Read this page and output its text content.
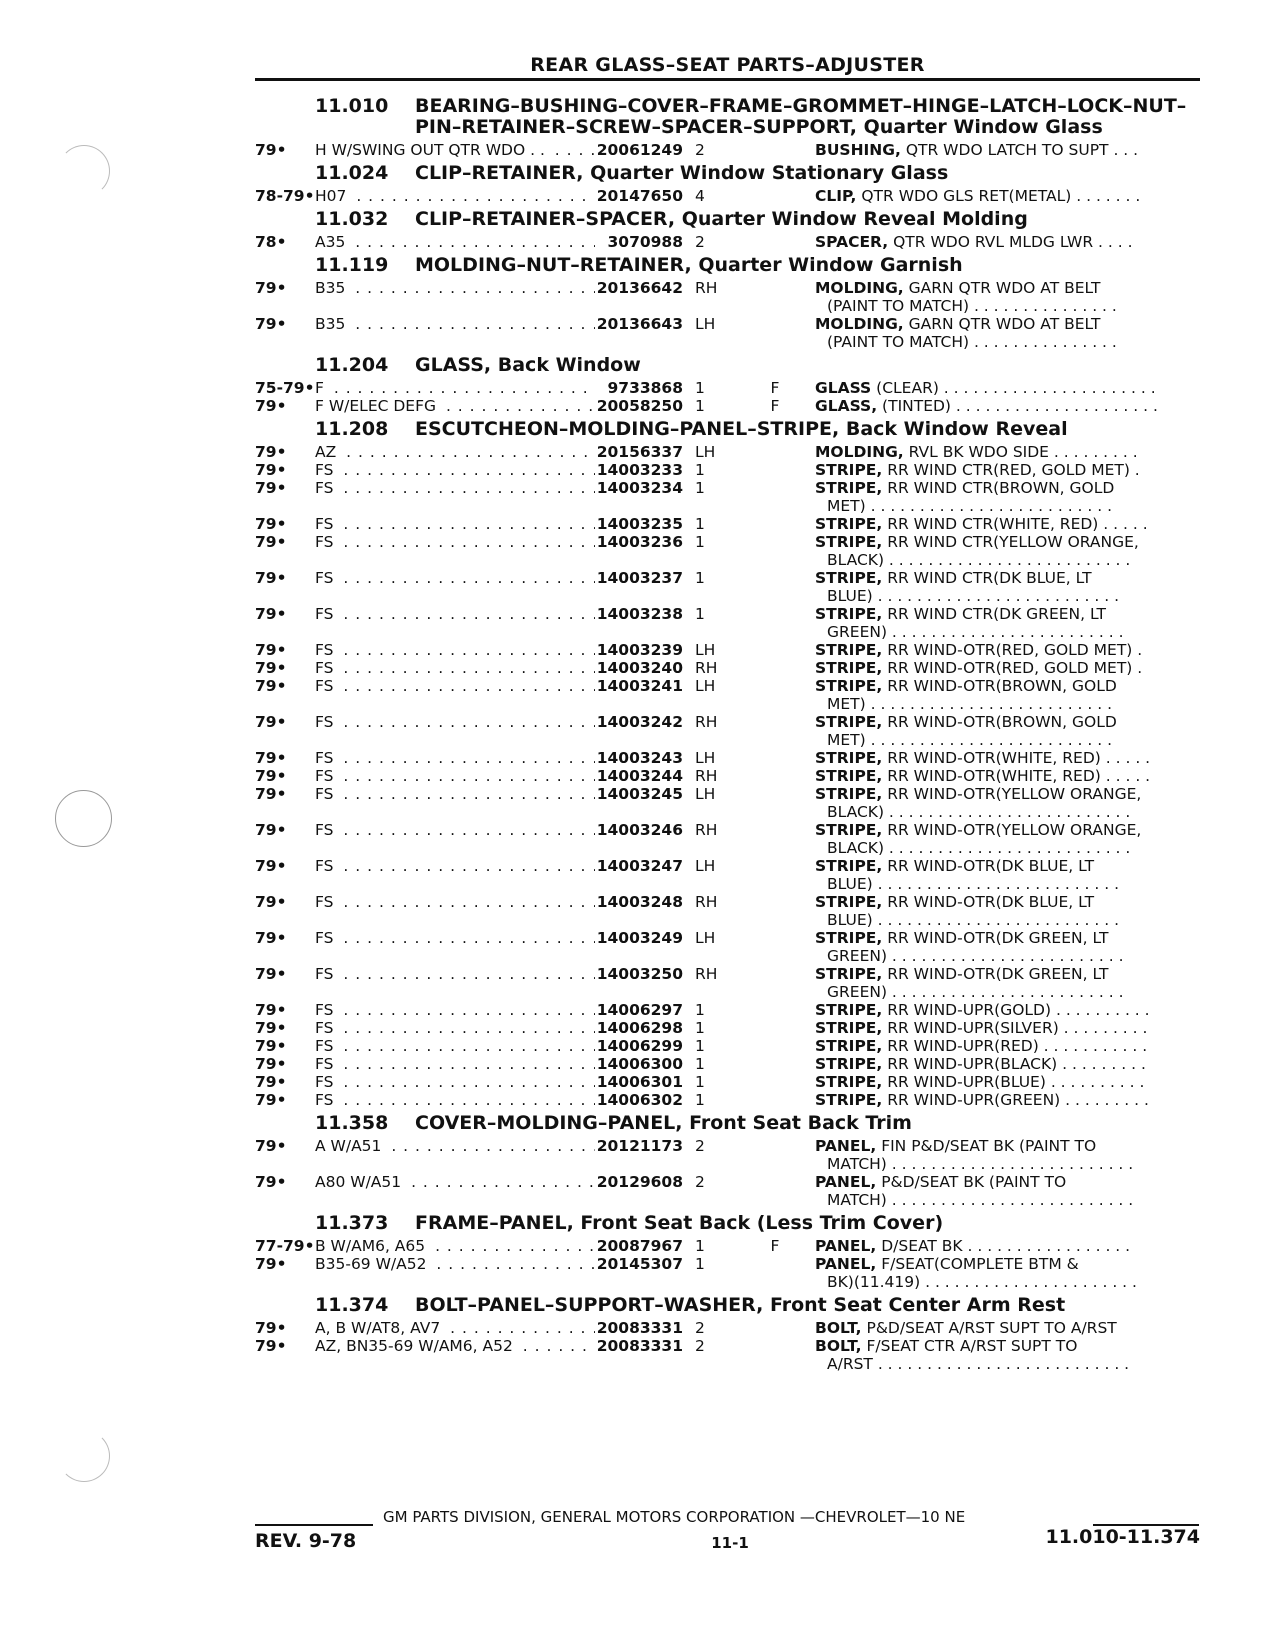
REAR GLASS–SEAT PARTS–ADJUSTER
11.010	BEARING–BUSHING–COVER–FRAME–GROMMET–HINGE–LATCH–LOCK–NUT–PIN–RETAINER–SCREW–SPACER–SUPPORT, Quarter Window Glass
79•	H W/SWING OUT QTR WDO . . . . .	20061249 2	BUSHING, QTR WDO LATCH TO SUPT . . .
11.024	CLIP–RETAINER, Quarter Window Stationary Glass
78-79• H07 . . .	20147650 4	CLIP, QTR WDO GLS RET(METAL) . . . . . . .
11.032	CLIP–RETAINER–SPACER, Quarter Window Reveal Molding
78•	A35 . . .	3070988 2	SPACER, QTR WDO RVL MLDG LWR . . . .
11.119	MOLDING–NUT–RETAINER, Quarter Window Garnish
79•	B35 . . .	20136642 RH	MOLDING, GARN QTR WDO AT BELT
(PAINT TO MATCH) . . . . . . . . . . . . . . .
79•	B35 . . .	20136643 LH	MOLDING, GARN QTR WDO AT BELT
(PAINT TO MATCH) . . . . . . . . . . . . . . .
11.204	GLASS, Back Window
75-79• F . . .	9733868 1	F	GLASS (CLEAR) . . . . . . . . . . . . . . . . . . . . . .
79•	F W/ELEC DEFG . . .	20058250 1	F	GLASS, (TINTED) . . . . . . . . . . . . . . . . . . . . .
11.208	ESCUTCHEON–MOLDING–PANEL–STRIPE, Back Window Reveal
79•	AZ . . .	20156337 LH	MOLDING, RVL BK WDO SIDE . . . . . . . . .
79•	FS . . .	14003233 1	STRIPE, RR WIND CTR(RED, GOLD MET) .
79•	FS . . .	14003234 1	STRIPE, RR WIND CTR(BROWN, GOLD
MET) . . . . . . . . . . . . . . . . . . . . . . . . .
79•	FS . . .	14003235 1	STRIPE, RR WIND CTR(WHITE, RED) . . . . .
79•	FS . . .	14003236 1	STRIPE, RR WIND CTR(YELLOW ORANGE,
BLACK) . . . . . . . . . . . . . . . . . . . . . . . . .
79•	FS . . .	14003237 1	STRIPE, RR WIND CTR(DK BLUE, LT
BLUE) . . . . . . . . . . . . . . . . . . . . . . . . .
79•	FS . . .	14003238 1	STRIPE, RR WIND CTR(DK GREEN, LT
GREEN) . . . . . . . . . . . . . . . . . . . . . . . .
79•	FS . . .	14003239 LH	STRIPE, RR WIND-OTR(RED, GOLD MET) .
79•	FS . . .	14003240 RH	STRIPE, RR WIND-OTR(RED, GOLD MET) .
79•	FS . . .	14003241 LH	STRIPE, RR WIND-OTR(BROWN, GOLD
MET) . . . . . . . . . . . . . . . . . . . . . . . . .
79•	FS . . .	14003242 RH	STRIPE, RR WIND-OTR(BROWN, GOLD
MET) . . . . . . . . . . . . . . . . . . . . . . . . .
79•	FS . . .	14003243 LH	STRIPE, RR WIND-OTR(WHITE, RED) . . . . .
79•	FS . . .	14003244 RH	STRIPE, RR WIND-OTR(WHITE, RED) . . . . .
79•	FS . . .	14003245 LH	STRIPE, RR WIND-OTR(YELLOW ORANGE,
BLACK) . . . . . . . . . . . . . . . . . . . . . . . . .
79•	FS . . .	14003246 RH	STRIPE, RR WIND-OTR(YELLOW ORANGE,
BLACK) . . . . . . . . . . . . . . . . . . . . . . . . .
79•	FS . . .	14003247 LH	STRIPE, RR WIND-OTR(DK BLUE, LT
BLUE) . . . . . . . . . . . . . . . . . . . . . . . . .
79•	FS . . .	14003248 RH	STRIPE, RR WIND-OTR(DK BLUE, LT
BLUE) . . . . . . . . . . . . . . . . . . . . . . . . .
79•	FS . . .	14003249 LH	STRIPE, RR WIND-OTR(DK GREEN, LT
GREEN) . . . . . . . . . . . . . . . . . . . . . . . .
79•	FS . . .	14003250 RH	STRIPE, RR WIND-OTR(DK GREEN, LT
GREEN) . . . . . . . . . . . . . . . . . . . . . . . .
79•	FS . . .	14006297 1	STRIPE, RR WIND-UPR(GOLD) . . . . . . . . . .
79•	FS . . .	14006298 1	STRIPE, RR WIND-UPR(SILVER) . . . . . . . . .
79•	FS . . .	14006299 1	STRIPE, RR WIND-UPR(RED) . . . . . . . . . . .
79•	FS . . .	14006300 1	STRIPE, RR WIND-UPR(BLACK) . . . . . . . . .
79•	FS . . .	14006301 1	STRIPE, RR WIND-UPR(BLUE) . . . . . . . . . .
79•	FS . . .	14006302 1	STRIPE, RR WIND-UPR(GREEN) . . . . . . . . .
11.358	COVER–MOLDING–PANEL, Front Seat Back Trim
79•	A W/A51 . . .	20121173 2	PANEL, FIN P&D/SEAT BK (PAINT TO
MATCH) . . . . . . . . . . . . . . . . . . . . . . . . .
79•	A80 W/A51 . . .	20129608 2	PANEL, P&D/SEAT BK (PAINT TO
MATCH) . . . . . . . . . . . . . . . . . . . . . . . . .
11.373	FRAME–PANEL, Front Seat Back (Less Trim Cover)
77-79• B W/AM6, A65 . . .	20087967 1	F	PANEL, D/SEAT BK . . . . . . . . . . . . . . . . .
79•	B35-69 W/A52 . . .	20145307 1	PANEL, F/SEAT(COMPLETE BTM &
BK)(11.419) . . . . . . . . . . . . . . . . . . . . . .
11.374	BOLT–PANEL–SUPPORT–WASHER, Front Seat Center Arm Rest
79•	A, B W/AT8, AV7 . . .	20083331 2	BOLT, P&D/SEAT A/RST SUPT TO A/RST
79•	AZ, BN35-69 W/AM6, A52 . . .	20083331 2	BOLT, F/SEAT CTR A/RST SUPT TO
A/RST . . . . . . . . . . . . . . . . . . . . . . . . . .
GM PARTS DIVISION, GENERAL MOTORS CORPORATION —CHEVROLET—10 NE
REV. 9-78	11-1	11.010-11.374
